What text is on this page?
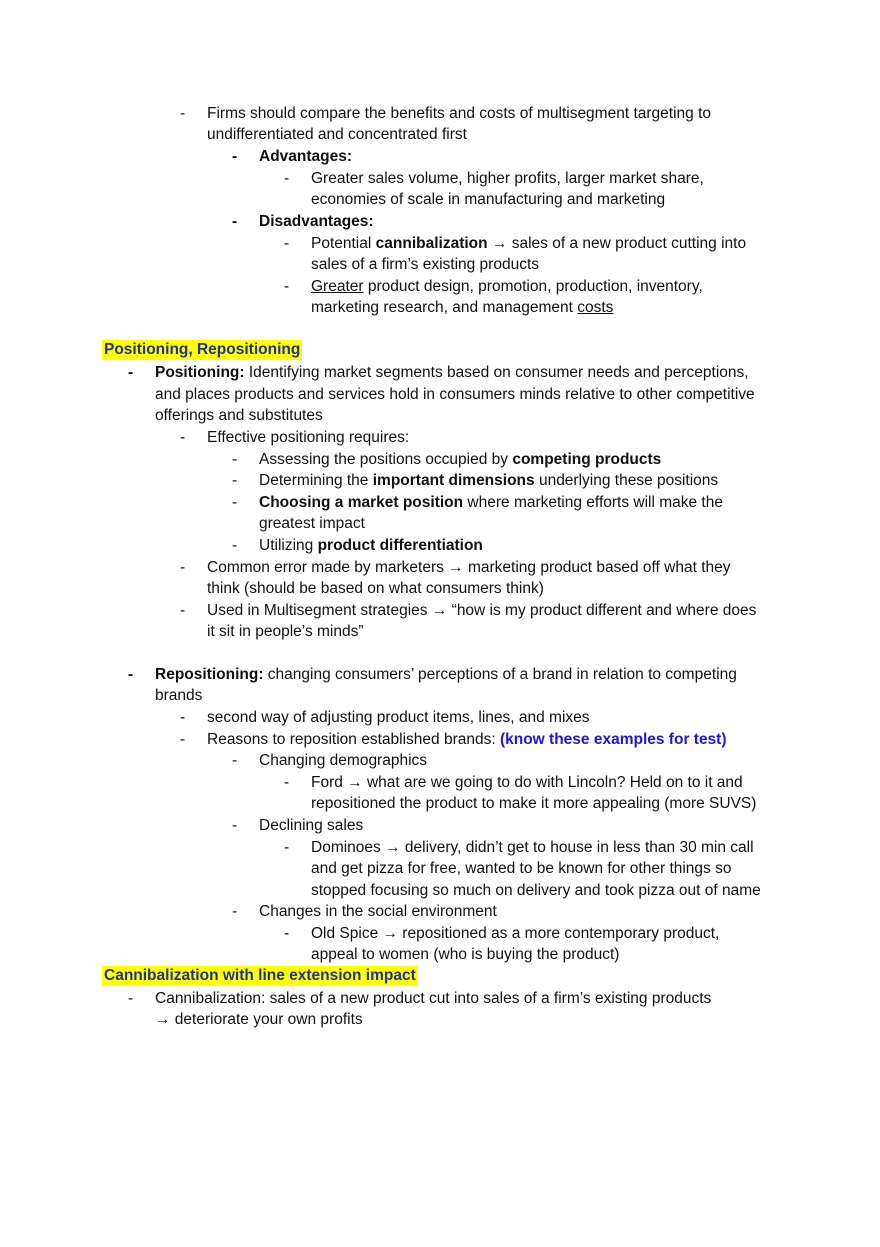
- Firms should compare the benefits and costs of multisegment targeting to
undifferentiated and concentrated first
- Advantages:
- Greater sales volume, higher profits, larger market share,
economies of scale in manufacturing and marketing
- Disadvantages:
- Potential cannibalization → sales of a new product cutting into
sales of a firm’s existing products
- Greater product design, promotion, production, inventory,
marketing research, and management costs
Positioning, Repositioning
- Positioning: Identifying market segments based on consumer needs and perceptions,
and places products and services hold in consumers minds relative to other competitive
offerings and substitutes
- Effective positioning requires:
- Assessing the positions occupied by competing products
- Determining the important dimensions underlying these positions
- Choosing a market position where marketing efforts will make the
greatest impact
- Utilizing product differentiation
- Common error made by marketers → marketing product based off what they
think (should be based on what consumers think)
- Used in Multisegment strategies → “how is my product different and where does
it sit in people’s minds”
- Repositioning: changing consumers’ perceptions of a brand in relation to competing
brands
- second way of adjusting product items, lines, and mixes
- Reasons to reposition established brands: (know these examples for test)
- Changing demographics
- Ford → what are we going to do with Lincoln? Held on to it and
repositioned the product to make it more appealing (more SUVS)
- Declining sales
- Dominoes → delivery, didn’t get to house in less than 30 min call
and get pizza for free, wanted to be known for other things so
stopped focusing so much on delivery and took pizza out of name
- Changes in the social environment
- Old Spice → repositioned as a more contemporary product,
appeal to women (who is buying the product)
Cannibalization with line extension impact
- Cannibalization: sales of a new product cut into sales of a firm’s existing products
→ deteriorate your own profits
